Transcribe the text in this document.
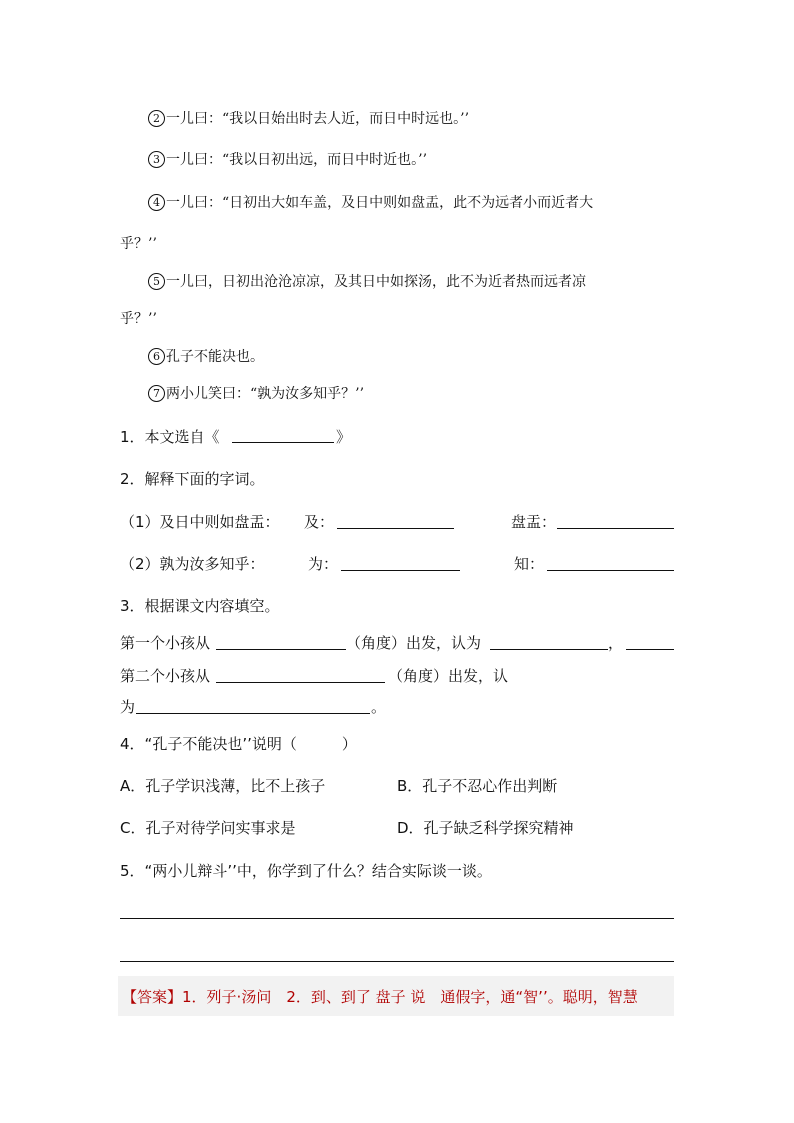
2 一儿曰：“我以日始出时去人近，而日中时远也。’’
3 一儿曰：“我以日初出远，而日中时近也。’’
4 一儿曰：“日初出大如车盖，及日中则如盘盂，此不为远者小而近者大
乎？’’
5 一儿曰，日初出沧沧凉凉，及其日中如探汤，此不为近者热而远者凉
乎？’’
6 孔子不能决也。
7 两小儿笑曰：“孰为汝多知乎？’’
1．本文选自《	》
2．解释下面的字词。
（1）及日中则如盘盂： 及：	盘盂：
（2）孰为汝多知乎：	为：	知：
3．根据课文内容填空。
第一个小孩从	（角度）出发，认为	，
第二个小孩从	（角度）出发，认
为	。
4．“孔子不能决也’’说明（　　　）
A．孔子学识浅薄，比不上孩子	B．孔子不忍心作出判断
C．孔子对待学问实事求是	D．孔子缺乏科学探究精神
5．“两小儿辩斗’’中，你学到了什么？结合实际谈一谈。
【答案】1．列子·汤问　2．到、到了 盘子 说　通假字，通“智’’。聪明，智慧
